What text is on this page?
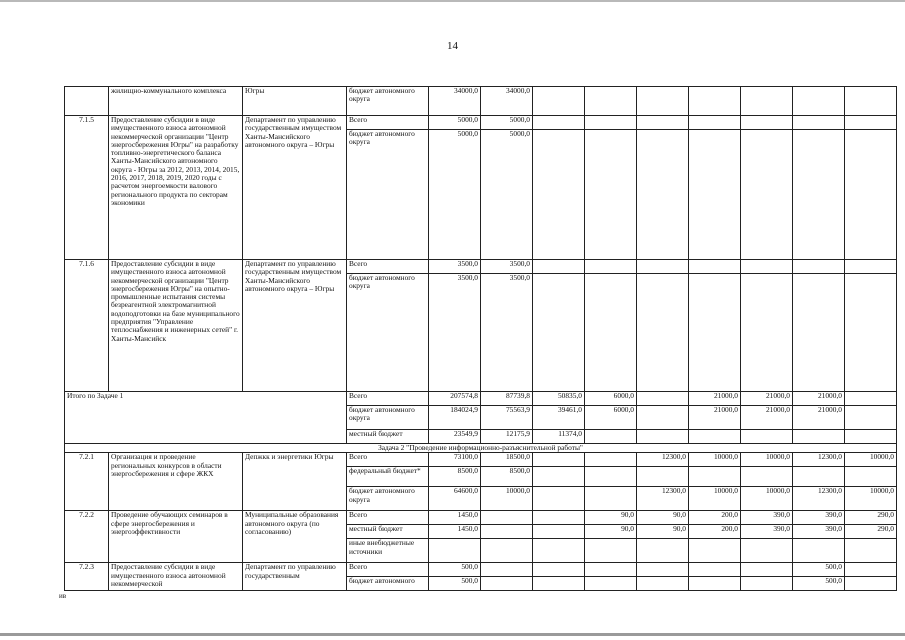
14
	жилищно-коммунального комплекса	Югры	бюджет автономного округа	34000,0	34000,0							
7.1.5	Предоставление субсидии в виде имущественного взноса автономной некоммерческой организации "Центр энергосбережения Югры" на разработку топливно-энергетического баланса Ханты-Мансийского автономного округа - Югры за 2012, 2013, 2014, 2015, 2016, 2017, 2018, 2019, 2020 годы с расчетом энергоемкости валового регионального продукта по секторам экономики	Департамент по управлению государственным имуществом Ханты-Мансийского автономного округа – Югры	Всего	5000,0	5000,0							
			бюджет автономного округа	5000,0	5000,0							
7.1.6	Предоставление субсидии в виде имущественного взноса автономной некоммерческой организации "Центр энергосбережения Югры" на опытно-промышленные испытания системы безреагентной электромагнитной водоподготовки на базе муниципального предприятия "Управление теплоснабжения и инженерных сетей" г. Ханты-Мансийск	Департамент по управлению государственным имуществом Ханты-Мансийского автономного округа – Югры	Всего	3500,0	3500,0							
			бюджет автономного округа	3500,0	3500,0							
Итого по Задаче 1			Всего	207574,8	87739,8	50835,0	6000,0		21000,0	21000,0	21000,0	
			бюджет автономного округа	184024,9	75563,9	39461,0	6000,0		21000,0	21000,0	21000,0	
			местный бюджет	23549,9	12175,9	11374,0						
Задача 2 "Проведение информационно-разъяснительной работы"												
7.2.1	Организация и проведение региональных конкурсов в области энергосбережения и сфере ЖКХ	Депжкк и энергетики Югры	Всего	73100,0	18500,0			12300,0	10000,0	10000,0	12300,0	10000,0
			федеральный бюджет*	8500,0	8500,0							
			бюджет автономного округа	64600,0	10000,0			12300,0	10000,0	10000,0	12300,0	10000,0
7.2.2	Проведение обучающих семинаров в сфере энергосбережения и энергоэффективности	Муниципальные образования автономного округа (по согласованию)	Всего	1450,0			90,0	90,0	200,0	390,0	390,0	290,0
			местный бюджет	1450,0			90,0	90,0	200,0	390,0	390,0	290,0
			иные внебюджетные источники									
7.2.3	Предоставление субсидии в виде имущественного взноса автономной некоммерческой	Департамент по управлению государственным	Всего	500,0							500,0	
			бюджет автономного	500,0							500,0	
ив
